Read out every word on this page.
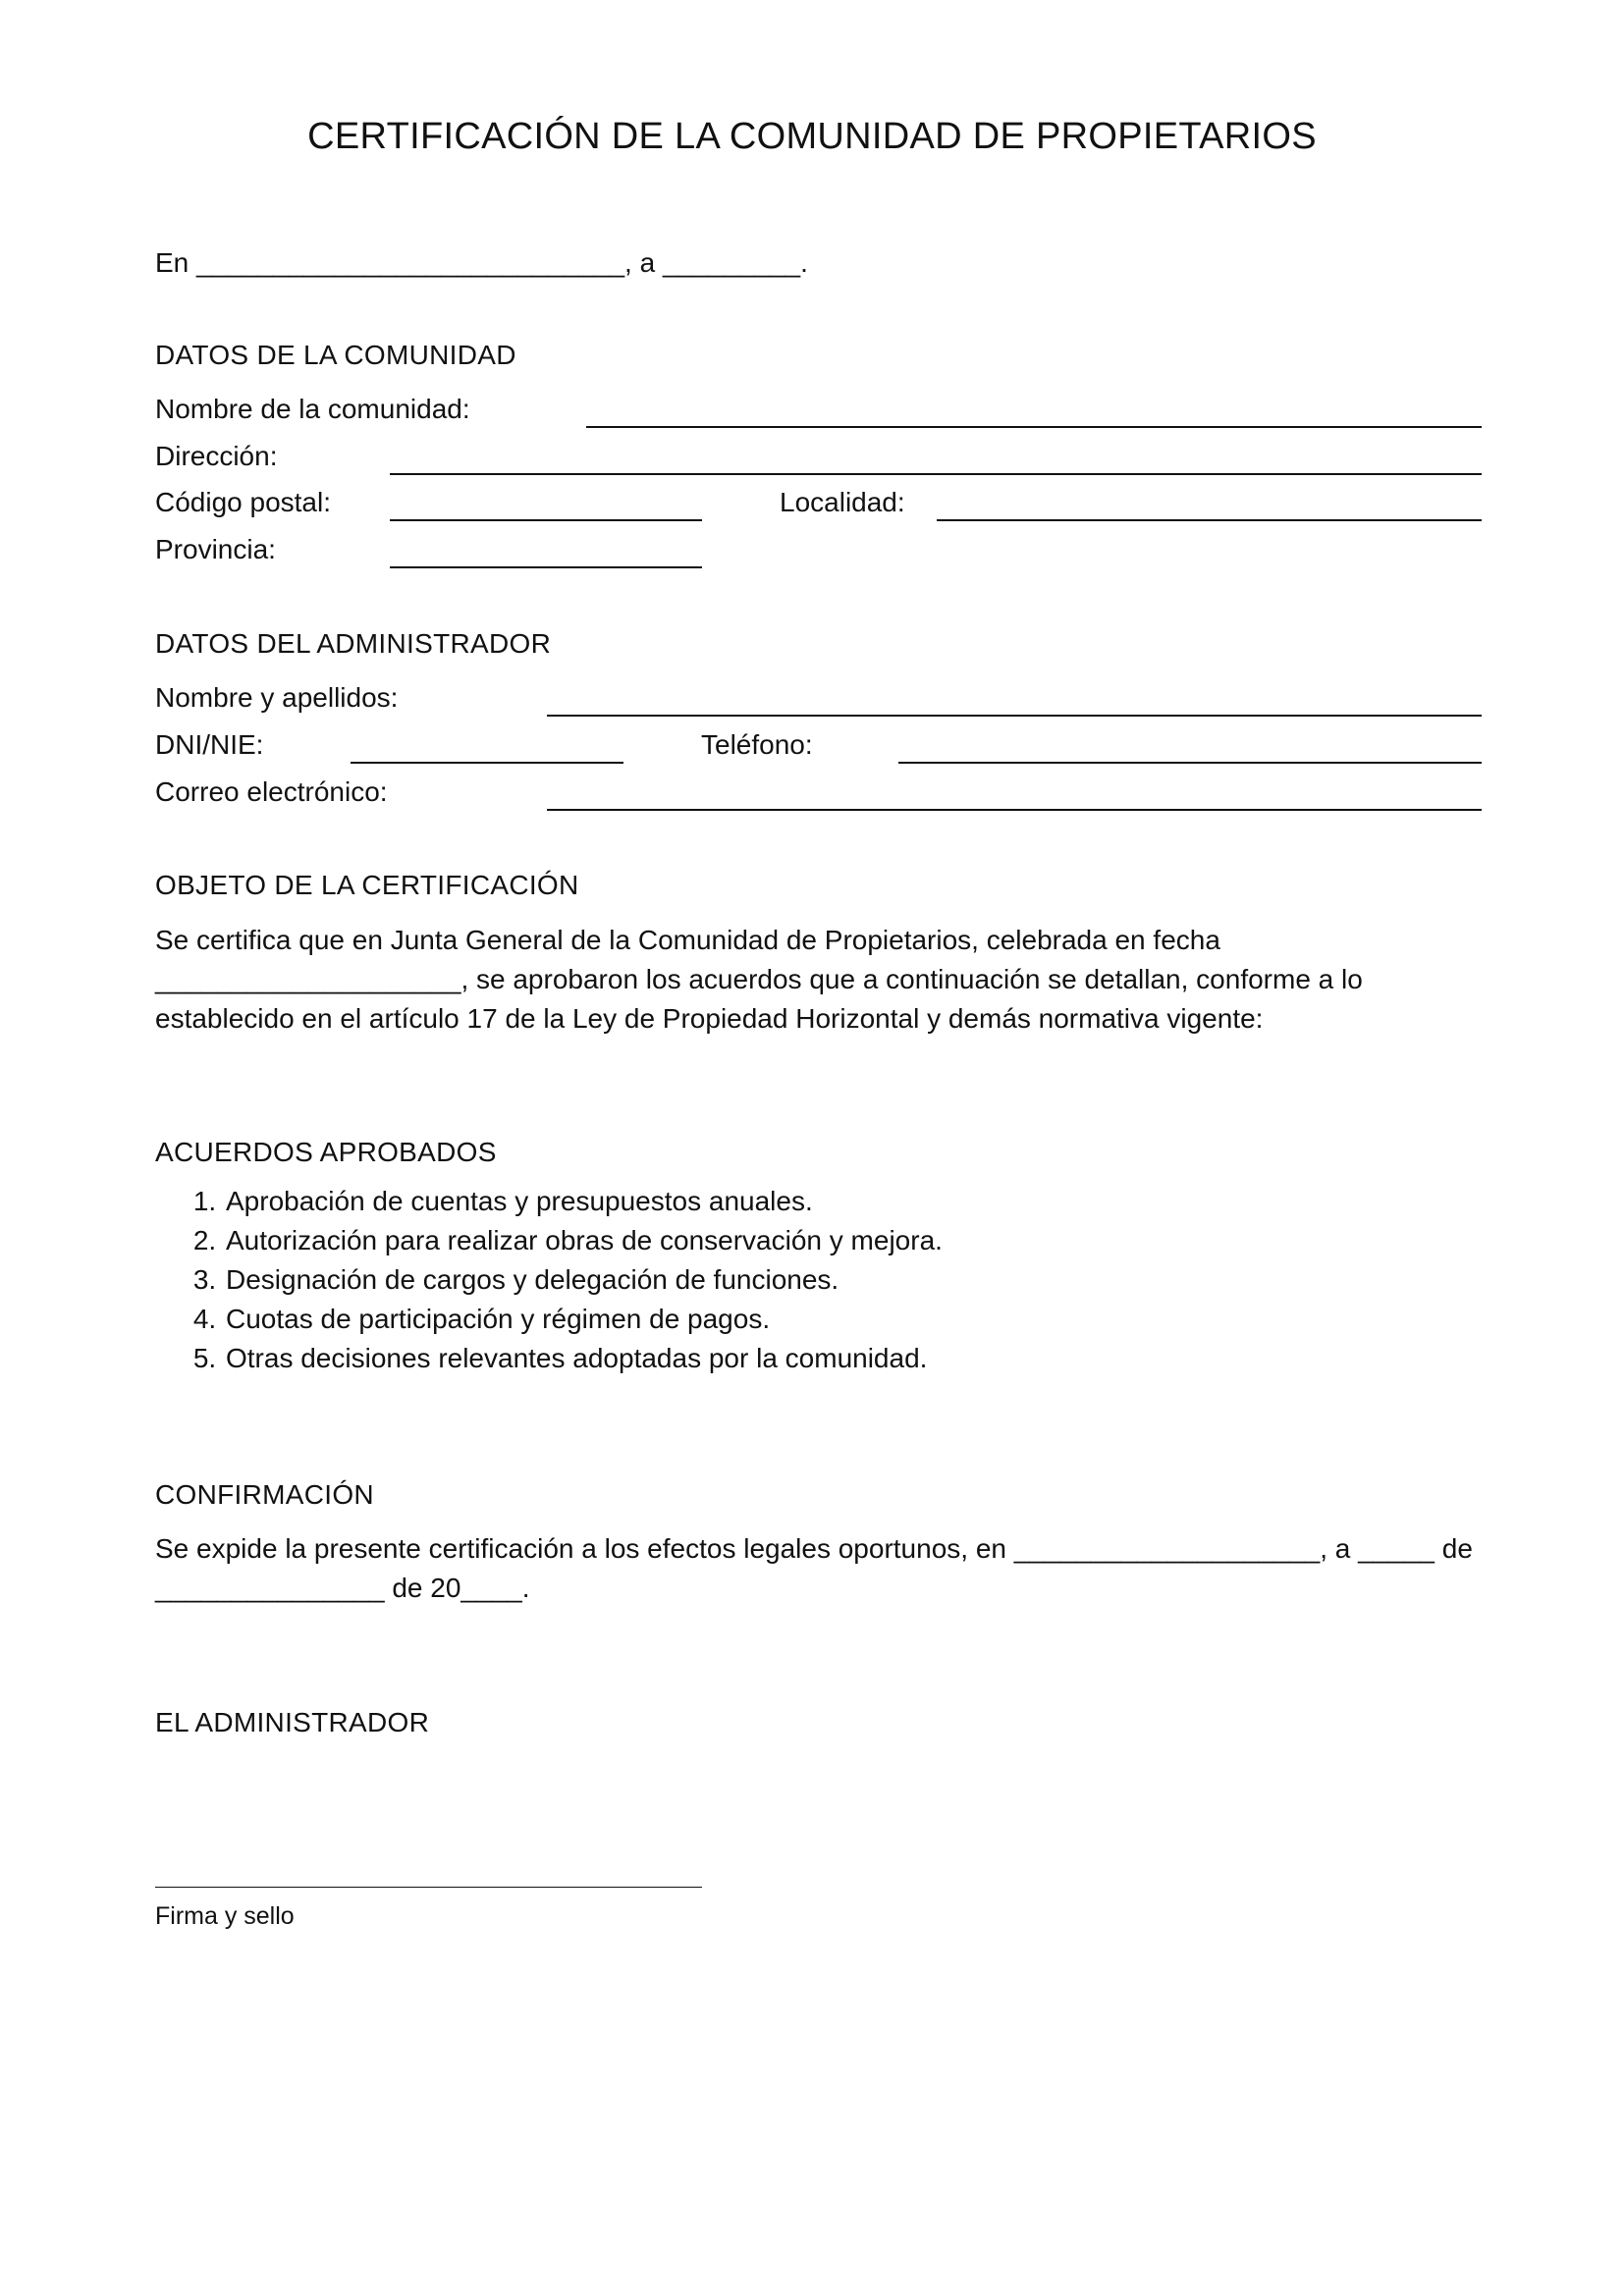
CERTIFICACIÓN DE LA COMUNIDAD DE PROPIETARIOS
En ____________________________, a _________.
DATOS DE LA COMUNIDAD
Nombre de la comunidad:
Dirección:
Código postal:	Localidad:
Provincia:
DATOS DEL ADMINISTRADOR
Nombre y apellidos:
DNI/NIE:	Teléfono:
Correo electrónico:
OBJETO DE LA CERTIFICACIÓN
Se certifica que en Junta General de la Comunidad de Propietarios, celebrada en fecha ____________________, se aprobaron los acuerdos que a continuación se detallan, conforme a lo establecido en el artículo 17 de la Ley de Propiedad Horizontal y demás normativa vigente:
ACUERDOS APROBADOS
1. Aprobación de cuentas y presupuestos anuales.
2. Autorización para realizar obras de conservación y mejora.
3. Designación de cargos y delegación de funciones.
4. Cuotas de participación y régimen de pagos.
5. Otras decisiones relevantes adoptadas por la comunidad.
CONFIRMACIÓN
Se expide la presente certificación a los efectos legales oportunos, en ____________________, a _____ de _______________ de 20____.
EL ADMINISTRADOR
Firma y sello
